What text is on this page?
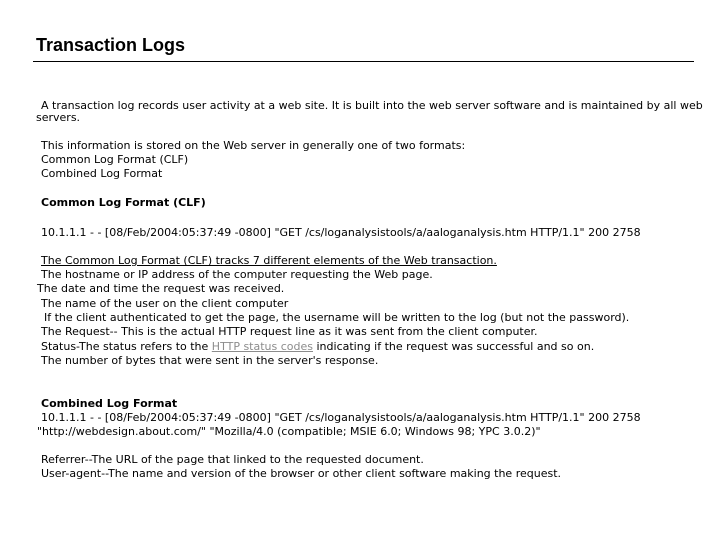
Transaction Logs
A transaction log records user activity at a web site. It is built into the web server software and is maintained by all web
servers.
This information is stored on the Web server in generally one of two formats:
Common Log Format (CLF)
Combined Log Format
Common Log Format (CLF)
10.1.1.1 - - [08/Feb/2004:05:37:49 -0800] "GET /cs/loganalysistools/a/aaloganalysis.htm HTTP/1.1" 200 2758
The Common Log Format (CLF) tracks 7 different elements of the Web transaction.
The hostname or IP address of the computer requesting the Web page.
The date and time the request was received.
The name of the user on the client computer
If the client authenticated to get the page, the username will be written to the log (but not the password).
The Request-- This is the actual HTTP request line as it was sent from the client computer.
Status-The status refers to the HTTP status codes indicating if the request was successful and so on.
The number of bytes that were sent in the server's response.
Combined Log Format
10.1.1.1 - - [08/Feb/2004:05:37:49 -0800] "GET /cs/loganalysistools/a/aaloganalysis.htm HTTP/1.1" 200 2758
"http://webdesign.about.com/" "Mozilla/4.0 (compatible; MSIE 6.0; Windows 98; YPC 3.0.2)"
Referrer--The URL of the page that linked to the requested document.
User-agent--The name and version of the browser or other client software making the request.
